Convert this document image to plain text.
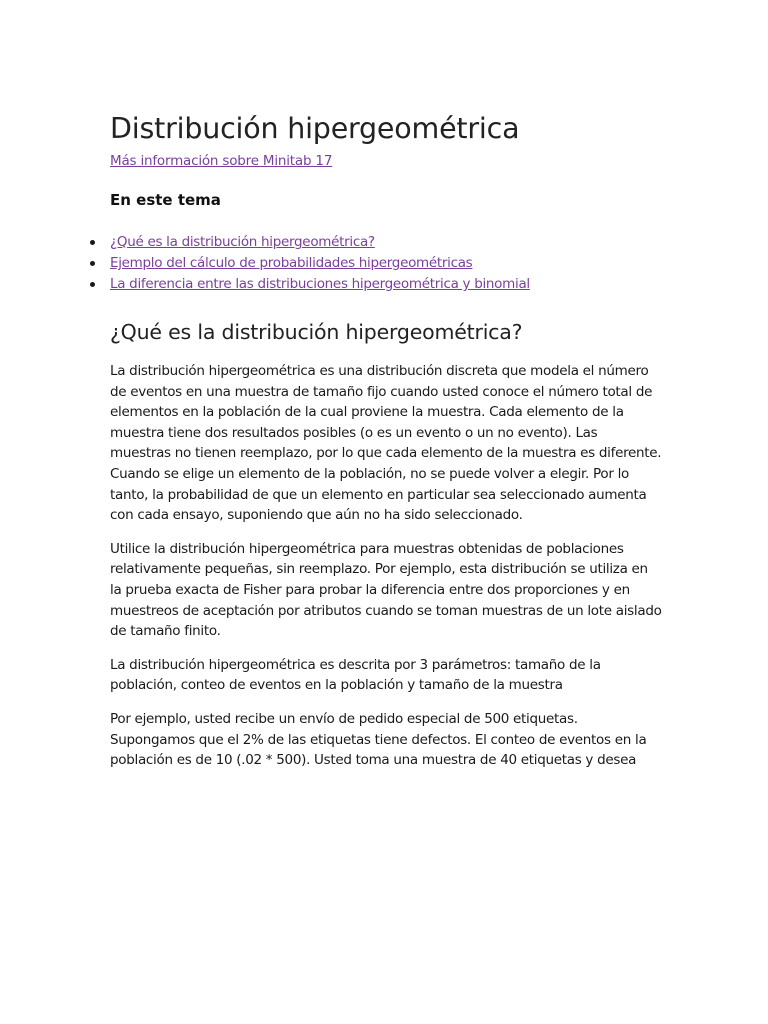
Distribución hipergeométrica
Más información sobre Minitab 17
En este tema
¿Qué es la distribución hipergeométrica?
Ejemplo del cálculo de probabilidades hipergeométricas
La diferencia entre las distribuciones hipergeométrica y binomial
¿Qué es la distribución hipergeométrica?

La distribución hipergeométrica es una distribución discreta que modela el número de eventos en una muestra de tamaño fijo cuando usted conoce el número total de elementos en la población de la cual proviene la muestra. Cada elemento de la muestra tiene dos resultados posibles (o es un evento o un no evento). Las muestras no tienen reemplazo, por lo que cada elemento de la muestra es diferente. Cuando se elige un elemento de la población, no se puede volver a elegir. Por lo tanto, la probabilidad de que un elemento en particular sea seleccionado aumenta con cada ensayo, suponiendo que aún no ha sido seleccionado.

Utilice la distribución hipergeométrica para muestras obtenidas de poblaciones relativamente pequeñas, sin reemplazo. Por ejemplo, esta distribución se utiliza en la prueba exacta de Fisher para probar la diferencia entre dos proporciones y en muestreos de aceptación por atributos cuando se toman muestras de un lote aislado de tamaño finito.

La distribución hipergeométrica es descrita por 3 parámetros: tamaño de la población, conteo de eventos en la población y tamaño de la muestra

Por ejemplo, usted recibe un envío de pedido especial de 500 etiquetas. Supongamos que el 2% de las etiquetas tiene defectos. El conteo de eventos en la población es de 10 (.02 * 500). Usted toma una muestra de 40 etiquetas y desea
